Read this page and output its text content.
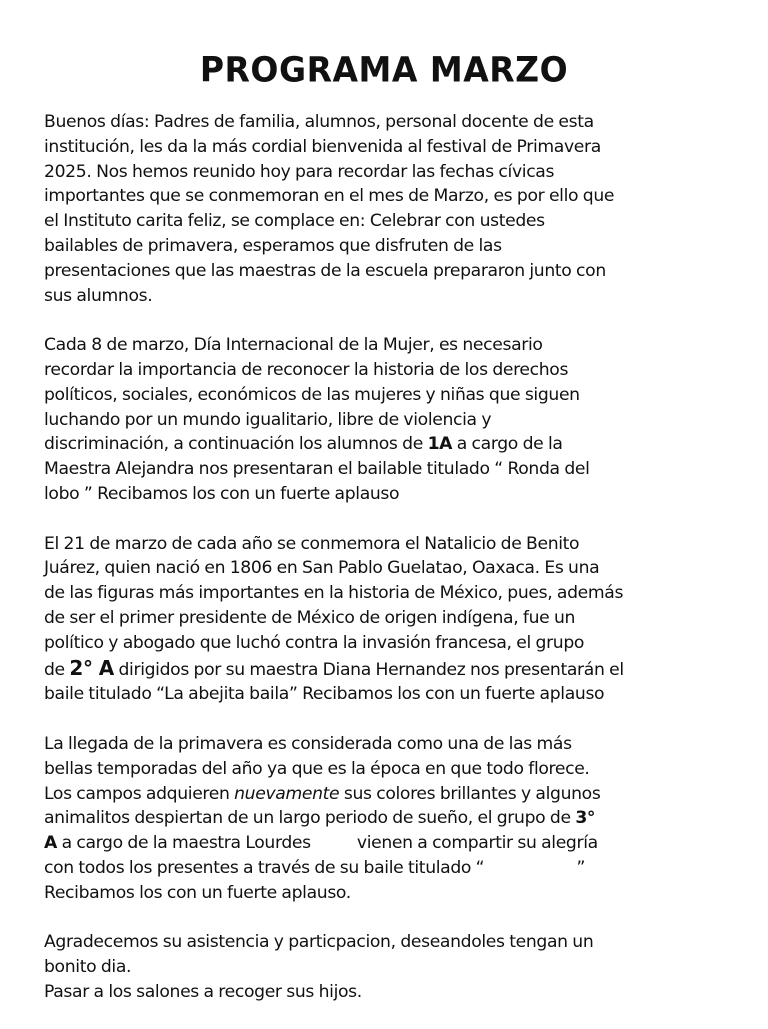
PROGRAMA MARZO
Buenos días: Padres de familia, alumnos, personal docente de esta
institución, les da la más cordial bienvenida al festival de Primavera
2025. Nos hemos reunido hoy para recordar las fechas cívicas
importantes que se conmemoran en el mes de Marzo, es por ello que
el Instituto carita feliz, se complace en: Celebrar con ustedes
bailables de primavera, esperamos que disfruten de las
presentaciones que las maestras de la escuela prepararon junto con
sus alumnos.
Cada 8 de marzo, Día Internacional de la Mujer, es necesario
recordar la importancia de reconocer la historia de los derechos
políticos, sociales, económicos de las mujeres y niñas que siguen
luchando por un mundo igualitario, libre de violencia y
discriminación, a continuación los alumnos de 1A a cargo de la
Maestra Alejandra nos presentaran el bailable titulado “ Ronda del
lobo ” Recibamos los con un fuerte aplauso
El 21 de marzo de cada año se conmemora el Natalicio de Benito
Juárez, quien nació en 1806 en San Pablo Guelatao, Oaxaca. Es una
de las figuras más importantes en la historia de México, pues, además
de ser el primer presidente de México de origen indígena, fue un
político y abogado que luchó contra la invasión francesa, el grupo
de 2° A dirigidos por su maestra Diana Hernandez nos presentarán el
baile titulado “La abejita baila” Recibamos los con un fuerte aplauso
La llegada de la primavera es considerada como una de las más
bellas temporadas del año ya que es la época en que todo florece.
Los campos adquieren nuevamente sus colores brillantes y algunos
animalitos despiertan de un largo periodo de sueño, el grupo de 3°
A a cargo de la maestra Lourdes          vienen a compartir su alegría
con todos los presentes a través de su baile titulado “                    ”
Recibamos los con un fuerte aplauso.
Agradecemos su asistencia y particpacion, deseandoles tengan un
bonito dia.
Pasar a los salones a recoger sus hijos.
